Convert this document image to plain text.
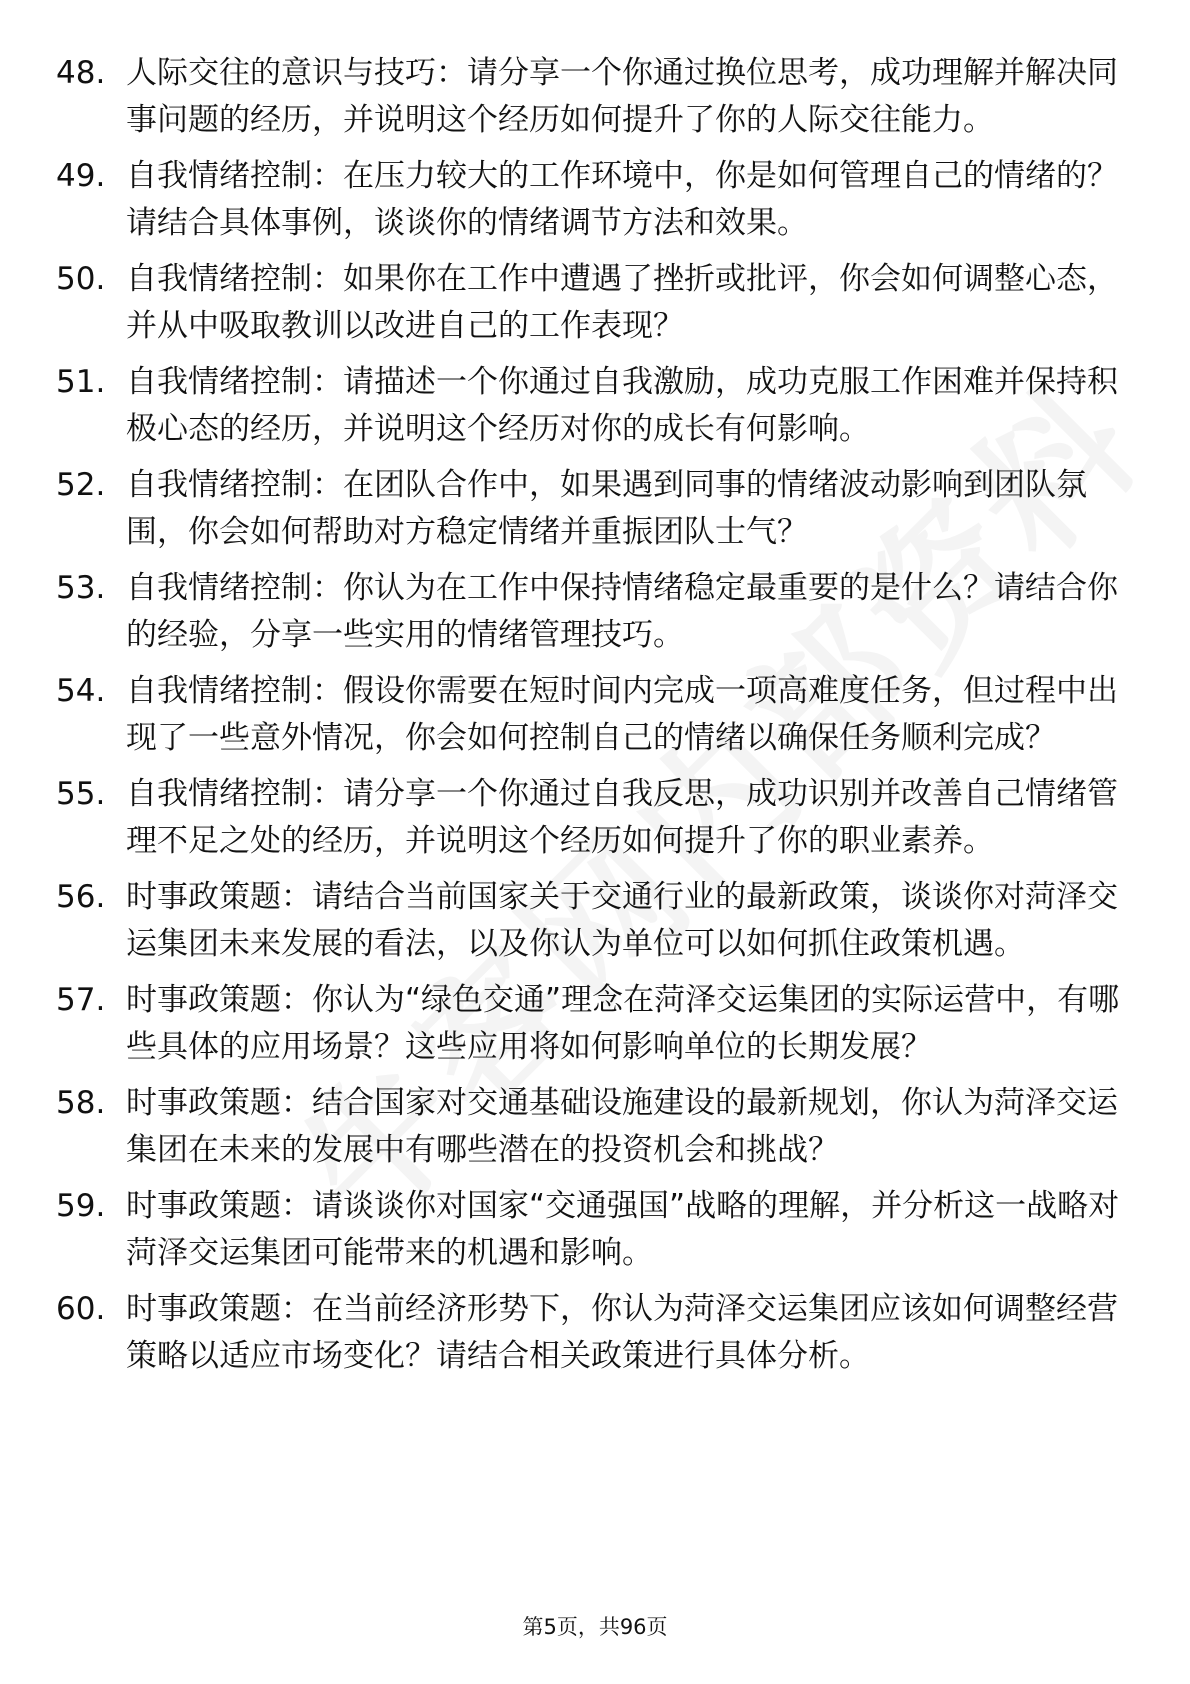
48. 人际交往的意识与技巧：请分享一个你通过换位思考，成功理解并解决同事问题的经历，并说明这个经历如何提升了你的人际交往能力。
49. 自我情绪控制：在压力较大的工作环境中，你是如何管理自己的情绪的？请结合具体事例，谈谈你的情绪调节方法和效果。
50. 自我情绪控制：如果你在工作中遭遇了挫折或批评，你会如何调整心态，并从中吸取教训以改进自己的工作表现？
51. 自我情绪控制：请描述一个你通过自我激励，成功克服工作困难并保持积极心态的经历，并说明这个经历对你的成长有何影响。
52. 自我情绪控制：在团队合作中，如果遇到同事的情绪波动影响到团队氛围，你会如何帮助对方稳定情绪并重振团队士气？
53. 自我情绪控制：你认为在工作中保持情绪稳定最重要的是什么？请结合你的经验，分享一些实用的情绪管理技巧。
54. 自我情绪控制：假设你需要在短时间内完成一项高难度任务，但过程中出现了一些意外情况，你会如何控制自己的情绪以确保任务顺利完成？
55. 自我情绪控制：请分享一个你通过自我反思，成功识别并改善自己情绪管理不足之处的经历，并说明这个经历如何提升了你的职业素养。
56. 时事政策题：请结合当前国家关于交通行业的最新政策，谈谈你对菏泽交运集团未来发展的看法，以及你认为单位可以如何抓住政策机遇。
57. 时事政策题：你认为“绿色交通”理念在菏泽交运集团的实际运营中，有哪些具体的应用场景？这些应用将如何影响单位的长期发展？
58. 时事政策题：结合国家对交通基础设施建设的最新规划，你认为菏泽交运集团在未来的发展中有哪些潜在的投资机会和挑战？
59. 时事政策题：请谈谈你对国家“交通强国”战略的理解，并分析这一战略对菏泽交运集团可能带来的机遇和影响。
60. 时事政策题：在当前经济形势下，你认为菏泽交运集团应该如何调整经营策略以适应市场变化？请结合相关政策进行具体分析。
第5页，共96页
